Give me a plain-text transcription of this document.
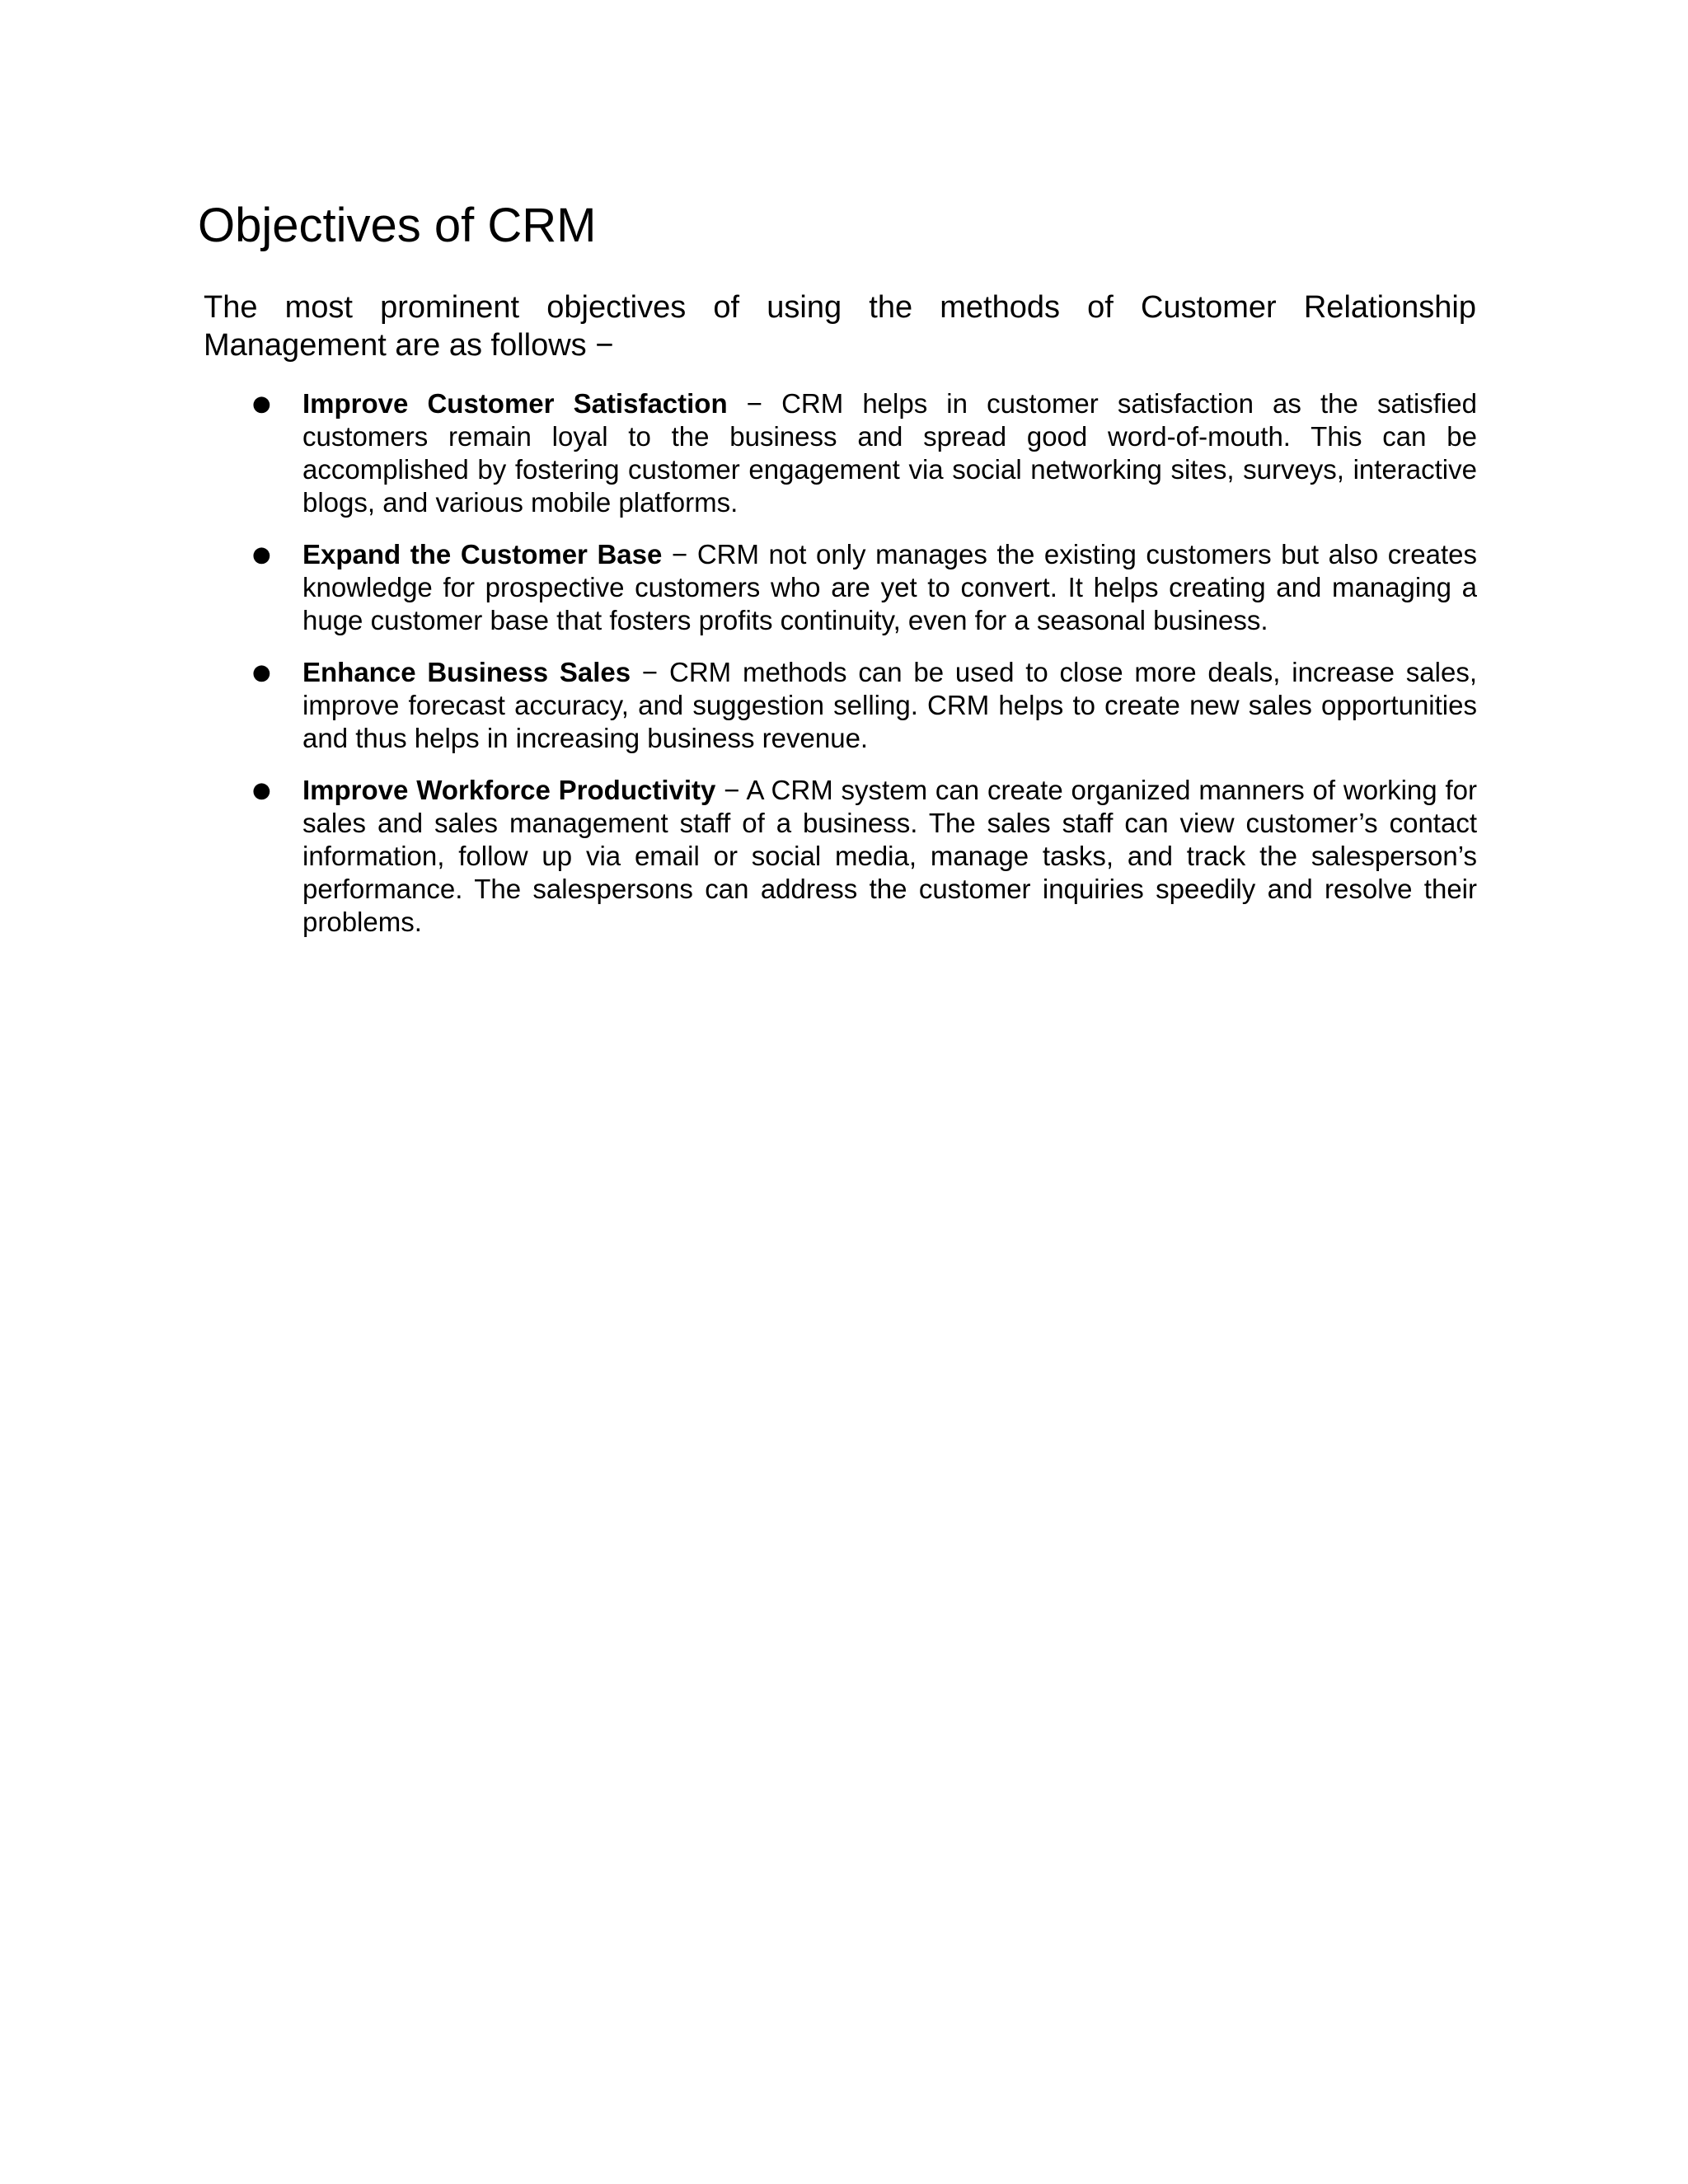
Objectives of CRM

The most prominent objectives of using the methods of Customer Relationship Management are as follows −

● Improve Customer Satisfaction − CRM helps in customer satisfaction as the satisfied customers remain loyal to the business and spread good word-of-mouth. This can be accomplished by fostering customer engagement via social networking sites, surveys, interactive blogs, and various mobile platforms.

● Expand the Customer Base − CRM not only manages the existing customers but also creates knowledge for prospective customers who are yet to convert. It helps creating and managing a huge customer base that fosters profits continuity, even for a seasonal business.

● Enhance Business Sales − CRM methods can be used to close more deals, increase sales, improve forecast accuracy, and suggestion selling. CRM helps to create new sales opportunities and thus helps in increasing business revenue.

● Improve Workforce Productivity − A CRM system can create organized manners of working for sales and sales management staff of a business. The sales staff can view customer’s contact information, follow up via email or social media, manage tasks, and track the salesperson’s performance. The salespersons can address the customer inquiries speedily and resolve their problems.
